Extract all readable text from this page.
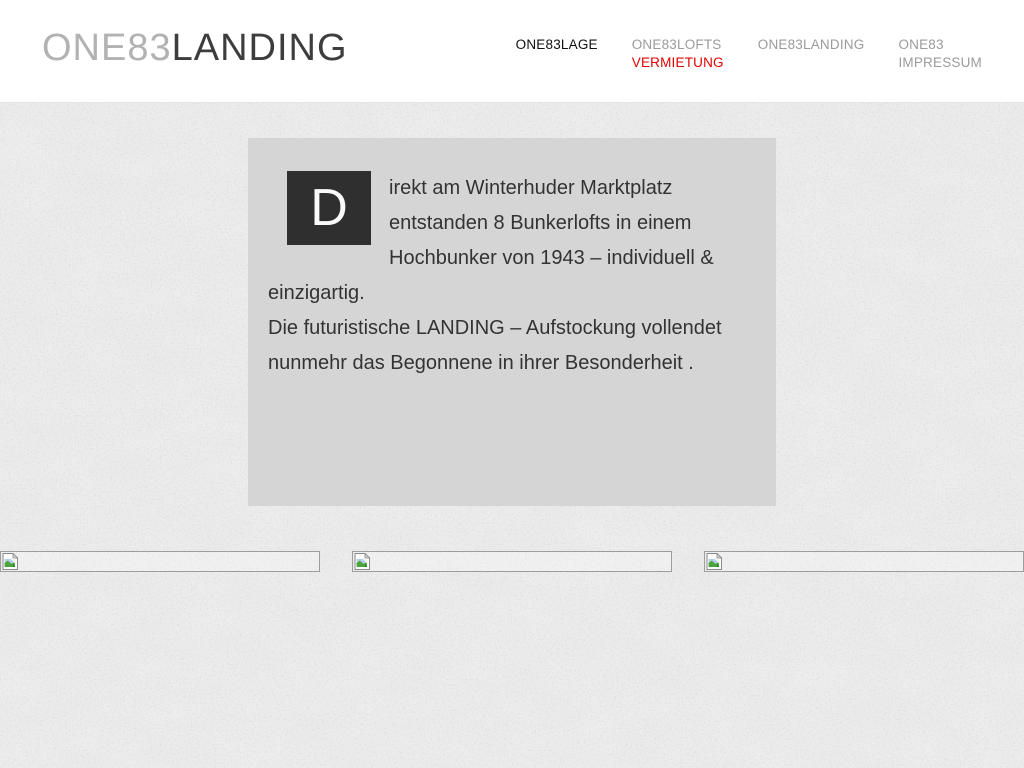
ONE83LANDING	ONE83LAGE	ONE83LOFTS
VERMIETUNG
ONE83LANDING	ONE83
IMPRESSUM
D	irekt am Winterhuder Marktplatz entstanden 8 Bunkerlofts in einem Hochbunker von 1943 – individuell & einzigartig.

Die futuristische LANDING – Aufstockung vollendet nunmehr das Begonnene in ihrer Besonderheit .
